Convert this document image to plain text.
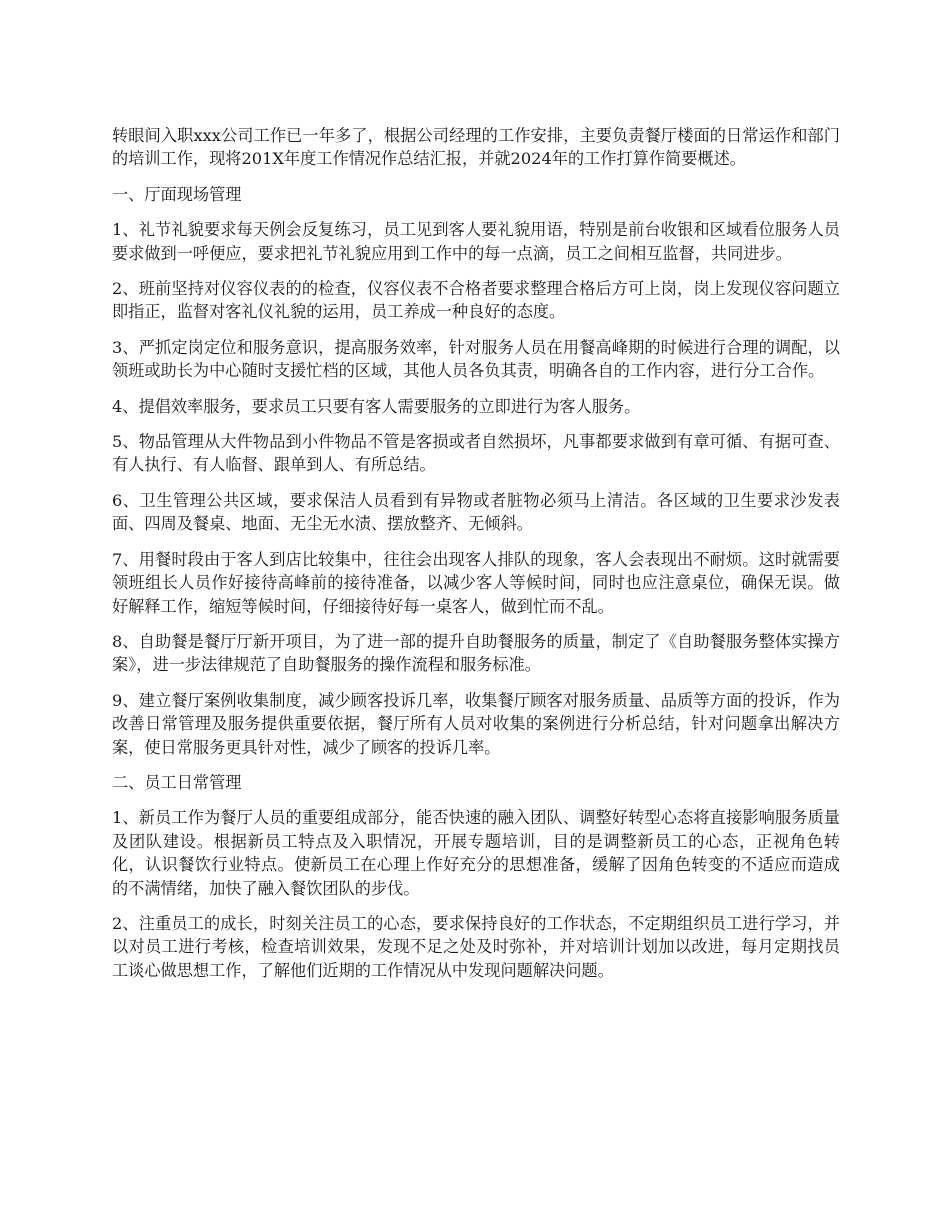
转眼间入职xxx公司工作已一年多了，根据公司经理的工作安排，主要负责餐厅楼面的日常运作和部门的培训工作，现将201X年度工作情况作总结汇报，并就2024年的工作打算作简要概述。

一、厅面现场管理

1、礼节礼貌要求每天例会反复练习，员工见到客人要礼貌用语，特别是前台收银和区域看位服务人员要求做到一呼便应，要求把礼节礼貌应用到工作中的每一点滴，员工之间相互监督，共同进步。

2、班前坚持对仪容仪表的的检查，仪容仪表不合格者要求整理合格后方可上岗，岗上发现仪容问题立即指正，监督对客礼仪礼貌的运用，员工养成一种良好的态度。

3、严抓定岗定位和服务意识，提高服务效率，针对服务人员在用餐高峰期的时候进行合理的调配，以领班或助长为中心随时支援忙档的区域，其他人员各负其责，明确各自的工作内容，进行分工合作。

4、提倡效率服务，要求员工只要有客人需要服务的立即进行为客人服务。

5、物品管理从大件物品到小件物品不管是客损或者自然损坏，凡事都要求做到有章可循、有据可查、有人执行、有人临督、跟单到人、有所总结。

6、卫生管理公共区域，要求保洁人员看到有异物或者脏物必须马上清洁。各区域的卫生要求沙发表面、四周及餐桌、地面、无尘无水渍、摆放整齐、无倾斜。

7、用餐时段由于客人到店比较集中，往往会出现客人排队的现象，客人会表现出不耐烦。这时就需要领班组长人员作好接待高峰前的接待准备，以减少客人等候时间，同时也应注意桌位，确保无误。做好解释工作，缩短等候时间，仔细接待好每一桌客人，做到忙而不乱。

8、自助餐是餐厅厅新开项目，为了进一部的提升自助餐服务的质量，制定了《自助餐服务整体实操方案》，进一步法律规范了自助餐服务的操作流程和服务标准。

9、建立餐厅案例收集制度，减少顾客投诉几率，收集餐厅顾客对服务质量、品质等方面的投诉，作为改善日常管理及服务提供重要依据，餐厅所有人员对收集的案例进行分析总结，针对问题拿出解决方案，使日常服务更具针对性，减少了顾客的投诉几率。

二、员工日常管理

1、新员工作为餐厅人员的重要组成部分，能否快速的融入团队、调整好转型心态将直接影响服务质量及团队建设。根据新员工特点及入职情况，开展专题培训，目的是调整新员工的心态，正视角色转化，认识餐饮行业特点。使新员工在心理上作好充分的思想准备，缓解了因角色转变的不适应而造成的不满情绪，加快了融入餐饮团队的步伐。

2、注重员工的成长，时刻关注员工的心态，要求保持良好的工作状态，不定期组织员工进行学习，并以对员工进行考核，检查培训效果，发现不足之处及时弥补，并对培训计划加以改进，每月定期找员工谈心做思想工作，了解他们近期的工作情况从中发现问题解决问题。
